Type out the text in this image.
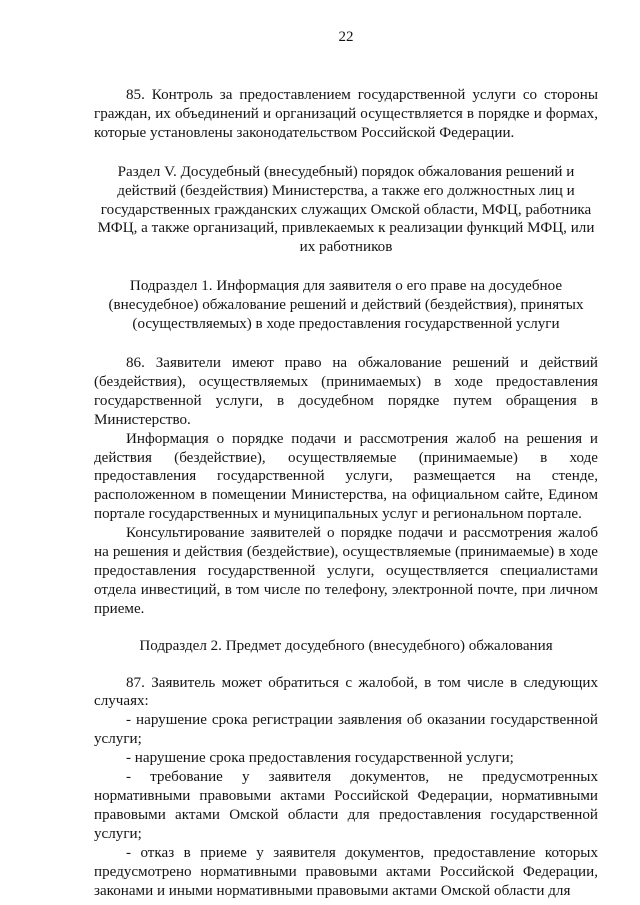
22

85. Контроль за предоставлением государственной услуги со стороны граждан, их объединений и организаций осуществляется в порядке и формах, которые установлены законодательством Российской Федерации.

Раздел V. Досудебный (внесудебный) порядок обжалования решений и действий (бездействия) Министерства, а также его должностных лиц и государственных гражданских служащих Омской области, МФЦ, работника МФЦ, а также организаций, привлекаемых к реализации функций МФЦ, или их работников

Подраздел 1. Информация для заявителя о его праве на досудебное (внесудебное) обжалование решений и действий (бездействия), принятых (осуществляемых) в ходе предоставления государственной услуги

86. Заявители имеют право на обжалование решений и действий (бездействия), осуществляемых (принимаемых) в ходе предоставления государственной услуги, в досудебном порядке путем обращения в Министерство.

Информация о порядке подачи и рассмотрения жалоб на решения и действия (бездействие), осуществляемые (принимаемые) в ходе предоставления государственной услуги, размещается на стенде, расположенном в помещении Министерства, на официальном сайте, Едином портале государственных и муниципальных услуг и региональном портале.

Консультирование заявителей о порядке подачи и рассмотрения жалоб на решения и действия (бездействие), осуществляемые (принимаемые) в ходе предоставления государственной услуги, осуществляется специалистами отдела инвестиций, в том числе по телефону, электронной почте, при личном приеме.

Подраздел 2. Предмет досудебного (внесудебного) обжалования

87. Заявитель может обратиться с жалобой, в том числе в следующих случаях:

- нарушение срока регистрации заявления об оказании государственной услуги;

- нарушение срока предоставления государственной услуги;

- требование у заявителя документов, не предусмотренных нормативными правовыми актами Российской Федерации, нормативными правовыми актами Омской области для предоставления государственной услуги;

- отказ в приеме у заявителя документов, предоставление которых предусмотрено нормативными правовыми актами Российской Федерации, законами и иными нормативными правовыми актами Омской области для
